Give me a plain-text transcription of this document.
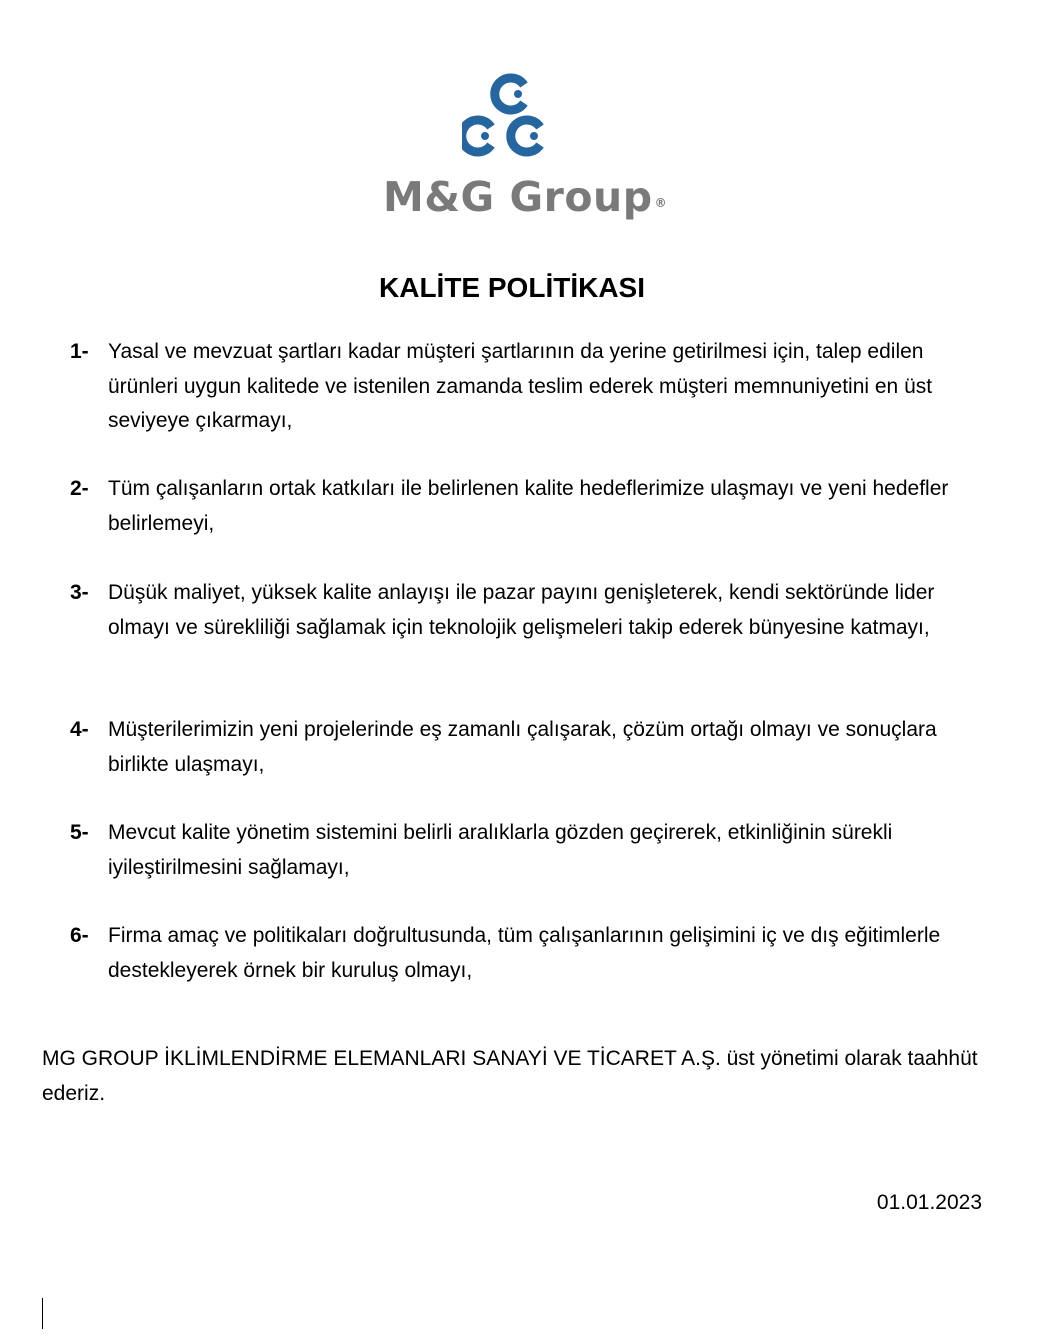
M&G Group ®
KALİTE POLİTİKASI
1- Yasal ve mevzuat şartları kadar müşteri şartlarının da yerine getirilmesi için, talep edilen ürünleri uygun kalitede ve istenilen zamanda teslim ederek müşteri memnuniyetini en üst seviyeye çıkarmayı,
2- Tüm çalışanların ortak katkıları ile belirlenen kalite hedeflerimize ulaşmayı ve yeni hedefler belirlemeyi,
3- Düşük maliyet, yüksek kalite anlayışı ile pazar payını genişleterek, kendi sektöründe lider olmayı ve sürekliliği sağlamak için teknolojik gelişmeleri takip ederek bünyesine katmayı,
4- Müşterilerimizin yeni projelerinde eş zamanlı çalışarak, çözüm ortağı olmayı ve sonuçlara birlikte ulaşmayı,
5- Mevcut kalite yönetim sistemini belirli aralıklarla gözden geçirerek, etkinliğinin sürekli iyileştirilmesini sağlamayı,
6- Firma amaç ve politikaları doğrultusunda, tüm çalışanlarının gelişimini iç ve dış eğitimlerle destekleyerek örnek bir kuruluş olmayı,
MG GROUP İKLİMLENDİRME ELEMANLARI SANAYİ VE TİCARET A.Ş. üst yönetimi olarak taahhüt ederiz.
01.01.2023
